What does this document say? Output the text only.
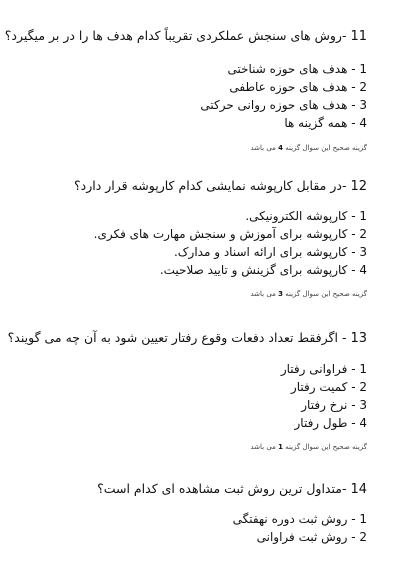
11 -روش های سنجش عملکردی تقریباً کدام هدف ها را در بر میگیرد؟

1 - هدف های حوزه شناختی
2 - هدف های حوزه عاطفی
3 - هدف های حوزه روانی حرکتی
4 - همه گزینه ها

گزینه صحیح این سوال گزینه 4 می باشد

12 -در مقابل کارپوشه نمایشی کدام کارپوشه قرار دارد؟

1 - کارپوشه الکترونیکی.
2 - کارپوشه برای آموزش و سنجش مهارت های فکری.
3 - کارپوشه برای ارائه اسناد و مدارک.
4 - کارپوشه برای گزینش و تایید صلاحیت.

گزینه صحیح این سوال گزینه 3 می باشد

13 - اگرفقط تعداد دفعات وقوع رفتار تعیین شود به آن چه می گویند؟

1 - فراوانی رفتار
2 - کمیت رفتار
3 - نرخ رفتار
4 - طول رفتار

گزینه صحیح این سوال گزینه 1 می باشد

14 -متداول ترین روش ثبت مشاهده ای کدام است؟

1 - روش ثبت دوره نهفتگی
2 - روش ثبت فراوانی
